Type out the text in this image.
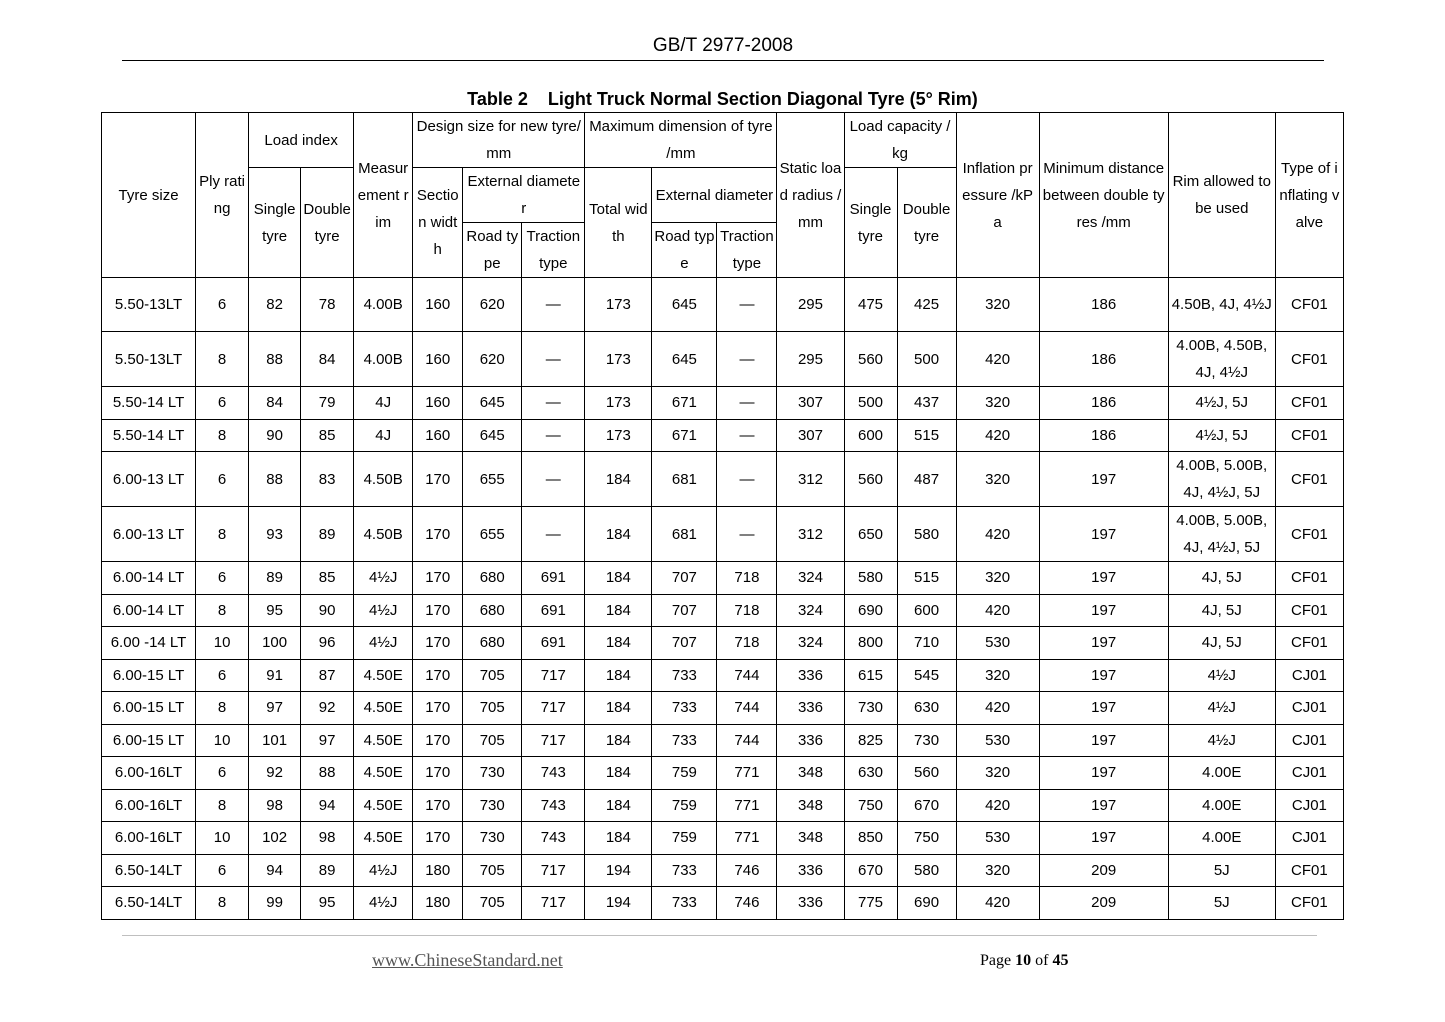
GB/T 2977-2008
Table 2    Light Truck Normal Section Diagonal Tyre (5° Rim)
Tyre size	Ply rating	Load index		Measurement rim	Design size for new tyre/mm			Maximum dimension of tyre /mm			Static load radius /mm	Load capacity /kg		Inflation pressure /kPa	Minimum distance between double tyres /mm	Rim allowed to be used	Type of inflating valve
		Single tyre	Double tyre		Section width	External diameter		Total width	External diameter			Single tyre	Double tyre				
						Road type	Traction type		Road type	Traction type							
5.50-13LT	6	82	78	4.00B	160	620	—	173	645	—	295	475	425	320	186	4.50B, 4J, 4½J	CF01
5.50-13LT	8	88	84	4.00B	160	620	—	173	645	—	295	560	500	420	186	4.00B, 4.50B, 4J, 4½J	CF01
5.50-14 LT	6	84	79	4J	160	645	—	173	671	—	307	500	437	320	186	4½J, 5J	CF01
5.50-14 LT	8	90	85	4J	160	645	—	173	671	—	307	600	515	420	186	4½J, 5J	CF01
6.00-13 LT	6	88	83	4.50B	170	655	—	184	681	—	312	560	487	320	197	4.00B, 5.00B, 4J, 4½J, 5J	CF01
6.00-13 LT	8	93	89	4.50B	170	655	—	184	681	—	312	650	580	420	197	4.00B, 5.00B, 4J, 4½J, 5J	CF01
6.00-14 LT	6	89	85	4½J	170	680	691	184	707	718	324	580	515	320	197	4J, 5J	CF01
6.00-14 LT	8	95	90	4½J	170	680	691	184	707	718	324	690	600	420	197	4J, 5J	CF01
6.00 -14 LT	10	100	96	4½J	170	680	691	184	707	718	324	800	710	530	197	4J, 5J	CF01
6.00-15 LT	6	91	87	4.50E	170	705	717	184	733	744	336	615	545	320	197	4½J	CJ01
6.00-15 LT	8	97	92	4.50E	170	705	717	184	733	744	336	730	630	420	197	4½J	CJ01
6.00-15 LT	10	101	97	4.50E	170	705	717	184	733	744	336	825	730	530	197	4½J	CJ01
6.00-16LT	6	92	88	4.50E	170	730	743	184	759	771	348	630	560	320	197	4.00E	CJ01
6.00-16LT	8	98	94	4.50E	170	730	743	184	759	771	348	750	670	420	197	4.00E	CJ01
6.00-16LT	10	102	98	4.50E	170	730	743	184	759	771	348	850	750	530	197	4.00E	CJ01
6.50-14LT	6	94	89	4½J	180	705	717	194	733	746	336	670	580	320	209	5J	CF01
6.50-14LT	8	99	95	4½J	180	705	717	194	733	746	336	775	690	420	209	5J	CF01
www.ChineseStandard.net	Page 10 of 45
